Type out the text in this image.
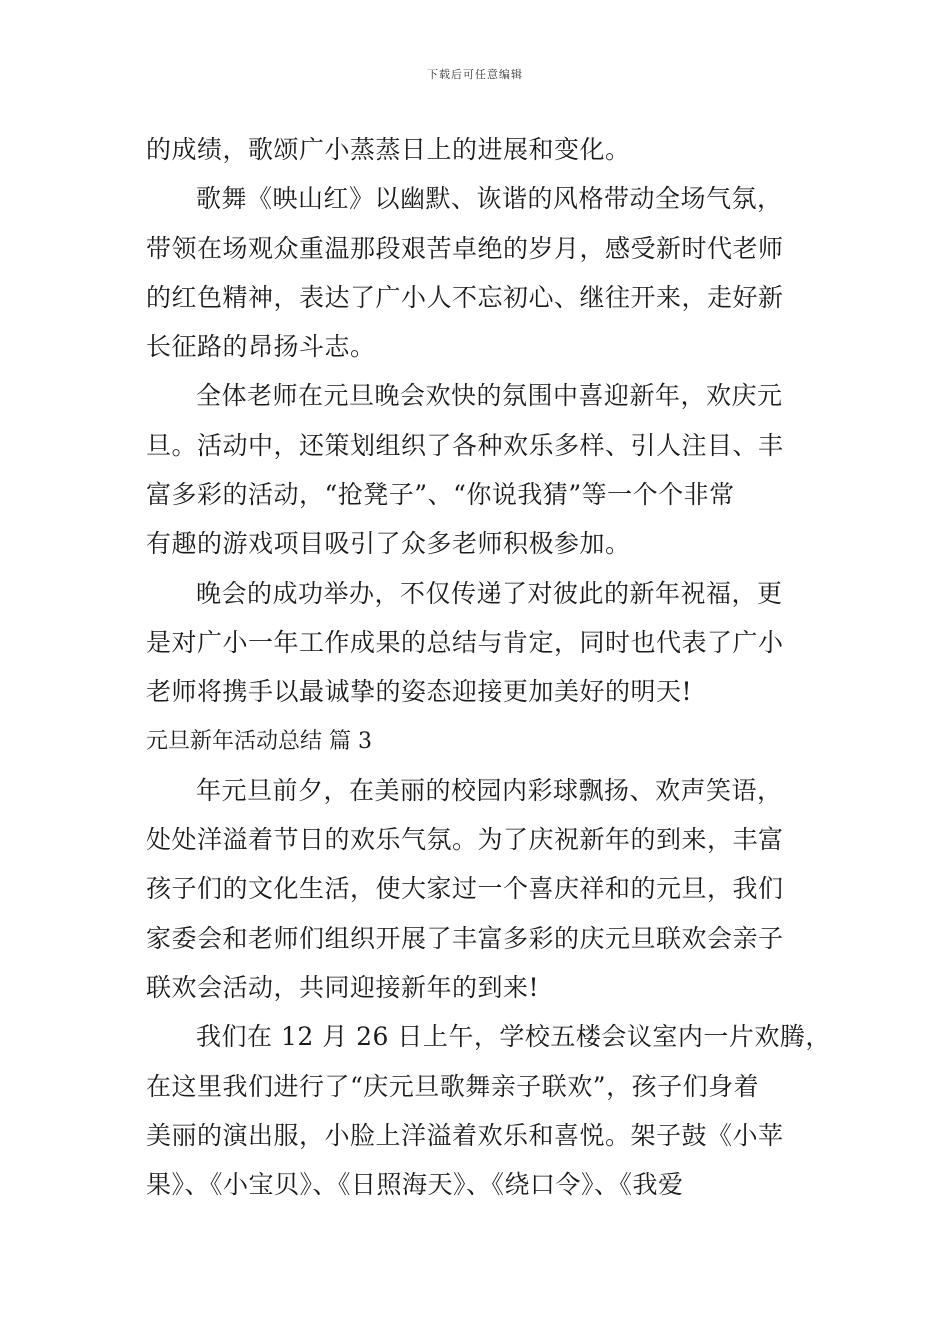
下载后可任意编辑
的成绩，歌颂广小蒸蒸日上的进展和变化。
歌舞《映山红》以幽默、诙谐的风格带动全场气氛，
带领在场观众重温那段艰苦卓绝的岁月，感受新时代老师
的红色精神，表达了广小人不忘初心、继往开来，走好新
长征路的昂扬斗志。
全体老师在元旦晚会欢快的氛围中喜迎新年，欢庆元
旦。活动中，还策划组织了各种欢乐多样、引人注目、丰
富多彩的活动，“抢凳子”、“你说我猜”等一个个非常
有趣的游戏项目吸引了众多老师积极参加。
晚会的成功举办，不仅传递了对彼此的新年祝福，更
是对广小一年工作成果的总结与肯定，同时也代表了广小
老师将携手以最诚挚的姿态迎接更加美好的明天!
元旦新年活动总结 篇 3
年元旦前夕，在美丽的校园内彩球飘扬、欢声笑语，
处处洋溢着节日的欢乐气氛。为了庆祝新年的到来，丰富
孩子们的文化生活，使大家过一个喜庆祥和的元旦，我们
家委会和老师们组织开展了丰富多彩的庆元旦联欢会亲子
联欢会活动，共同迎接新年的到来!
我们在 12 月 26 日上午，学校五楼会议室内一片欢腾，
在这里我们进行了“庆元旦歌舞亲子联欢”，孩子们身着
美丽的演出服，小脸上洋溢着欢乐和喜悦。架子鼓《小苹
果》、《小宝贝》、《日照海天》、《绕口令》、《我爱
